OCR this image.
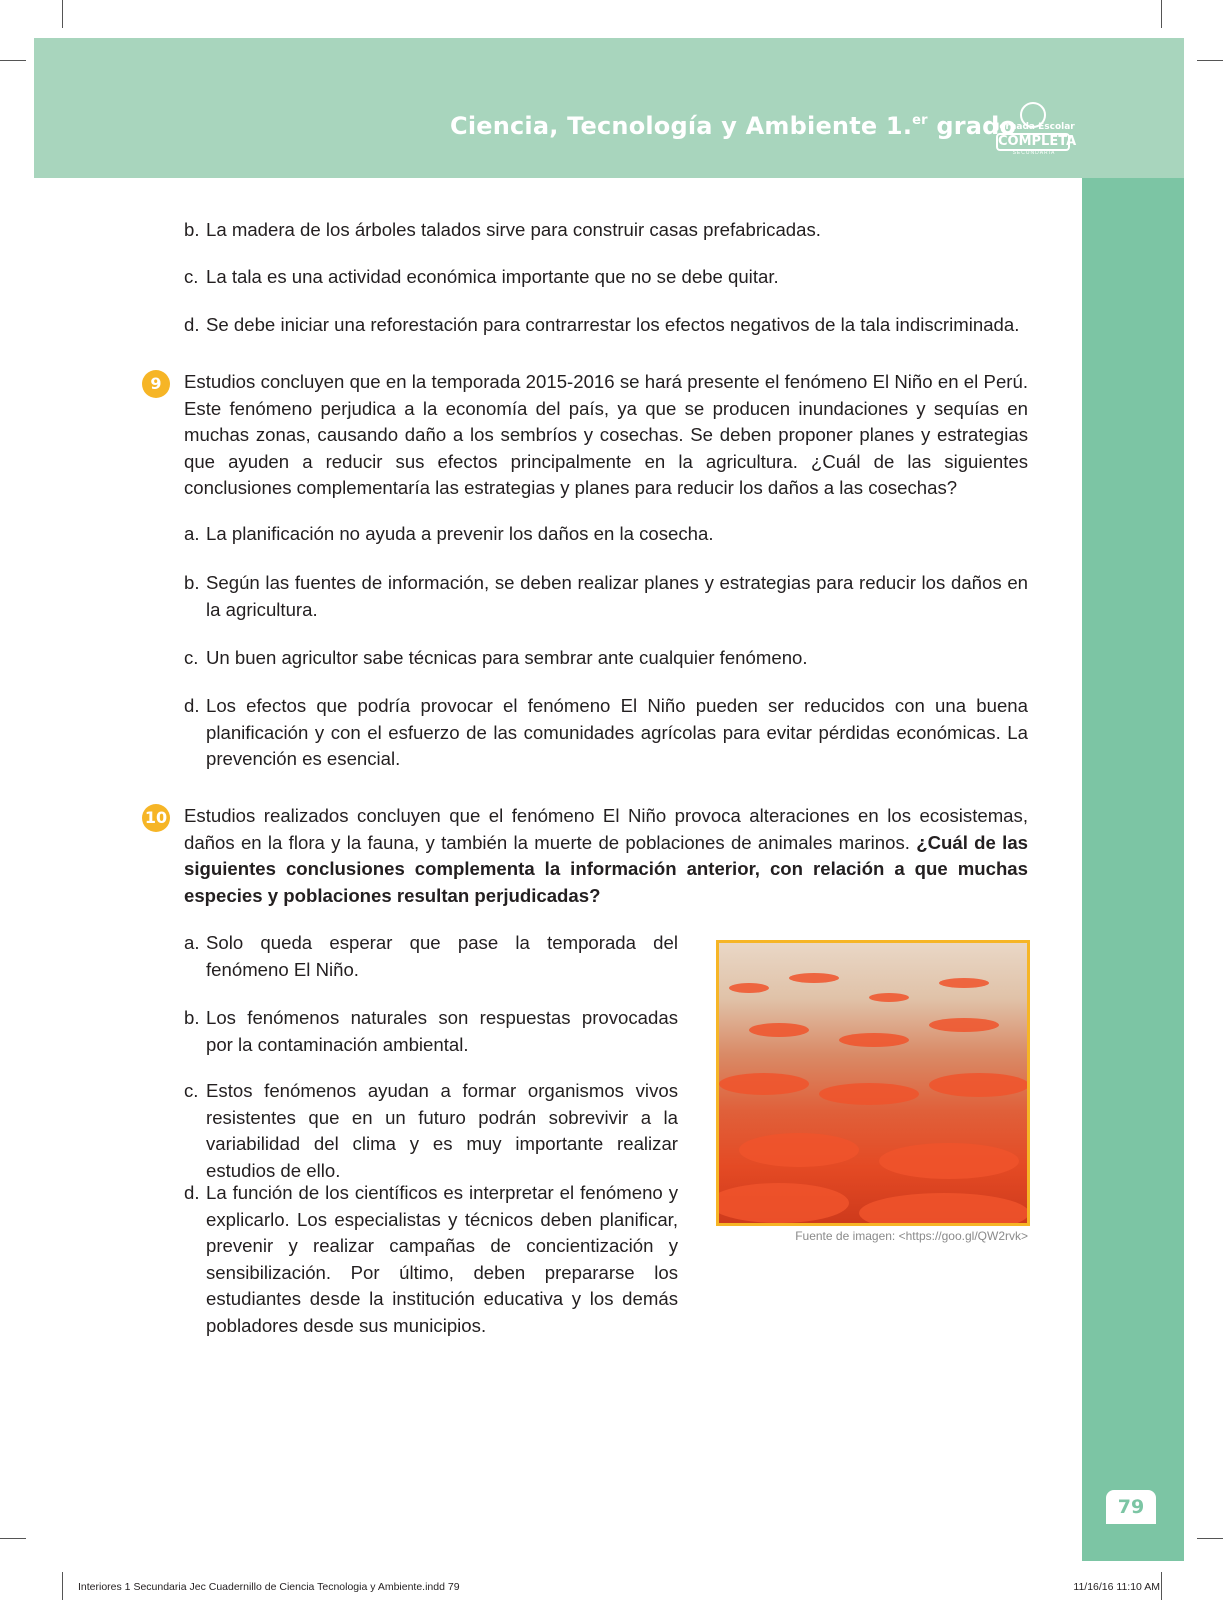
Ciencia, Tecnología y Ambiente 1.$^{er}$ grado
Jornada Escolar
COMPLETA
SECUNDARIA
79
b. La madera de los árboles talados sirve para construir casas prefabricadas.
c. La tala es una actividad económica importante que no se debe quitar.
d. Se debe iniciar una reforestación para contrarrestar los efectos negativos de la tala indiscriminada.
9	Estudios concluyen que en la temporada 2015-2016 se hará presente el fenómeno El Niño en el Perú. Este fenómeno perjudica a la economía del país, ya que se producen inundaciones y sequías en muchas zonas, causando daño a los sembríos y cosechas. Se deben proponer planes y estrategias que ayuden a reducir sus efectos principalmente en la agricultura. ¿Cuál de las siguientes conclusiones complementaría las estrategias y planes para reducir los daños a las cosechas?
a. La planificación no ayuda a prevenir los daños en la cosecha.
b. Según las fuentes de información, se deben realizar planes y estrategias para reducir los daños en la agricultura.
c. Un buen agricultor sabe técnicas para sembrar ante cualquier fenómeno.
d. Los efectos que podría provocar el fenómeno El Niño pueden ser reducidos con una buena planificación y con el esfuerzo de las comunidades agrícolas para evitar pérdidas económicas. La prevención es esencial.
10 Estudios realizados concluyen que el fenómeno El Niño provoca alteraciones en los ecosistemas, daños en la flora y la fauna, y también la muerte de poblaciones de animales marinos. ¿Cuál de las siguientes conclusiones complementa la información anterior, con relación a que muchas especies y poblaciones resultan perjudicadas?
a. Solo queda esperar que pase la temporada del fenómeno El Niño.
b. Los fenómenos naturales son respuestas provocadas por la contaminación ambiental.
c. Estos fenómenos ayudan a formar organismos vivos resistentes que en un futuro podrán sobrevivir a la variabilidad del clima y es muy importante realizar estudios de ello.
d. La función de los científicos es interpretar el fenómeno y explicarlo. Los especialistas y técnicos deben planificar, prevenir y realizar campañas de concientización y sensibilización. Por último, deben prepararse los estudiantes desde la institución educativa y los demás pobladores desde sus municipios.
Fuente de imagen: <https://goo.gl/QW2rvk>
Interiores 1 Secundaria Jec Cuadernillo de Ciencia Tecnologia y Ambiente.indd 79	11/16/16 11:10 AM
